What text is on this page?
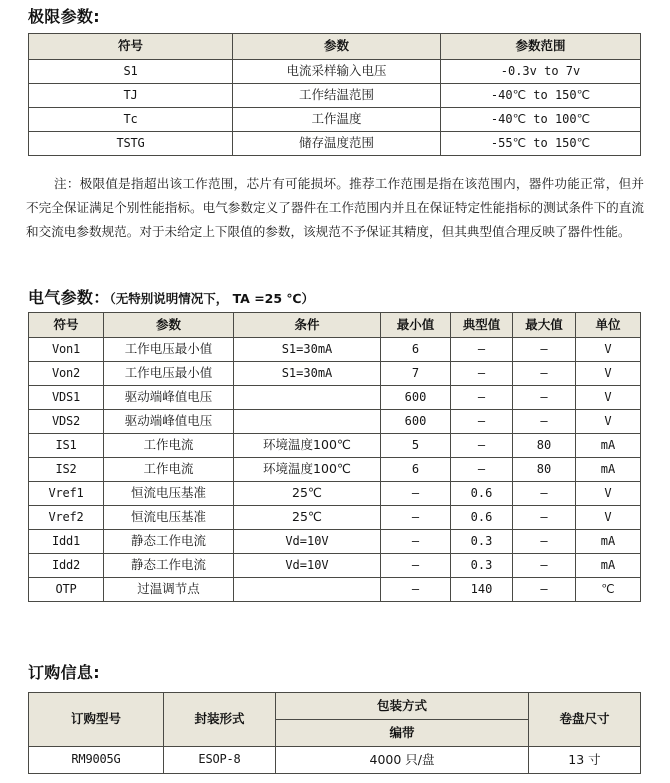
极限参数:
符号	参数	参数范围
S1	电流采样输入电压	-0.3v to 7v
TJ	工作结温范围	-40℃ to 150℃
Tc	工作温度	-40℃ to 100℃
TSTG	储存温度范围	-55℃ to 150℃
注：极限值是指超出该工作范围，芯片有可能损坏。推荐工作范围是指在该范围内，器件功能正常，但并不完全保证满足个别性能指标。电气参数定义了器件在工作范围内并且在保证特定性能指标的测试条件下的直流和交流电参数规范。对于未给定上下限值的参数，该规范不予保证其精度，但其典型值合理反映了器件性能。
电气参数：（无特别说明情况下， TA =25 ℃）
符号	参数	条件	最小值	典型值	最大值	单位
Von1	工作电压最小值	S1=30mA	6	–	–	V
Von2	工作电压最小值	S1=30mA	7	–	–	V
VDS1	驱动端峰值电压		600	–	–	V
VDS2	驱动端峰值电压		600	–	–	V
IS1	工作电流	环境温度100℃	5	–	80	mA
IS2	工作电流	环境温度100℃	6	–	80	mA
Vref1	恒流电压基准	25℃	–	0.6	–	V
Vref2	恒流电压基准	25℃	–	0.6	–	V
Idd1	静态工作电流	Vd=10V	–	0.3	–	mA
Idd2	静态工作电流	Vd=10V	–	0.3	–	mA
OTP	过温调节点		–	140	–	℃
订购信息:
订购型号	封装形式	包装方式	卷盘尺寸
		编带	
RM9005G	ESOP-8	4000 只/盘	13 寸
